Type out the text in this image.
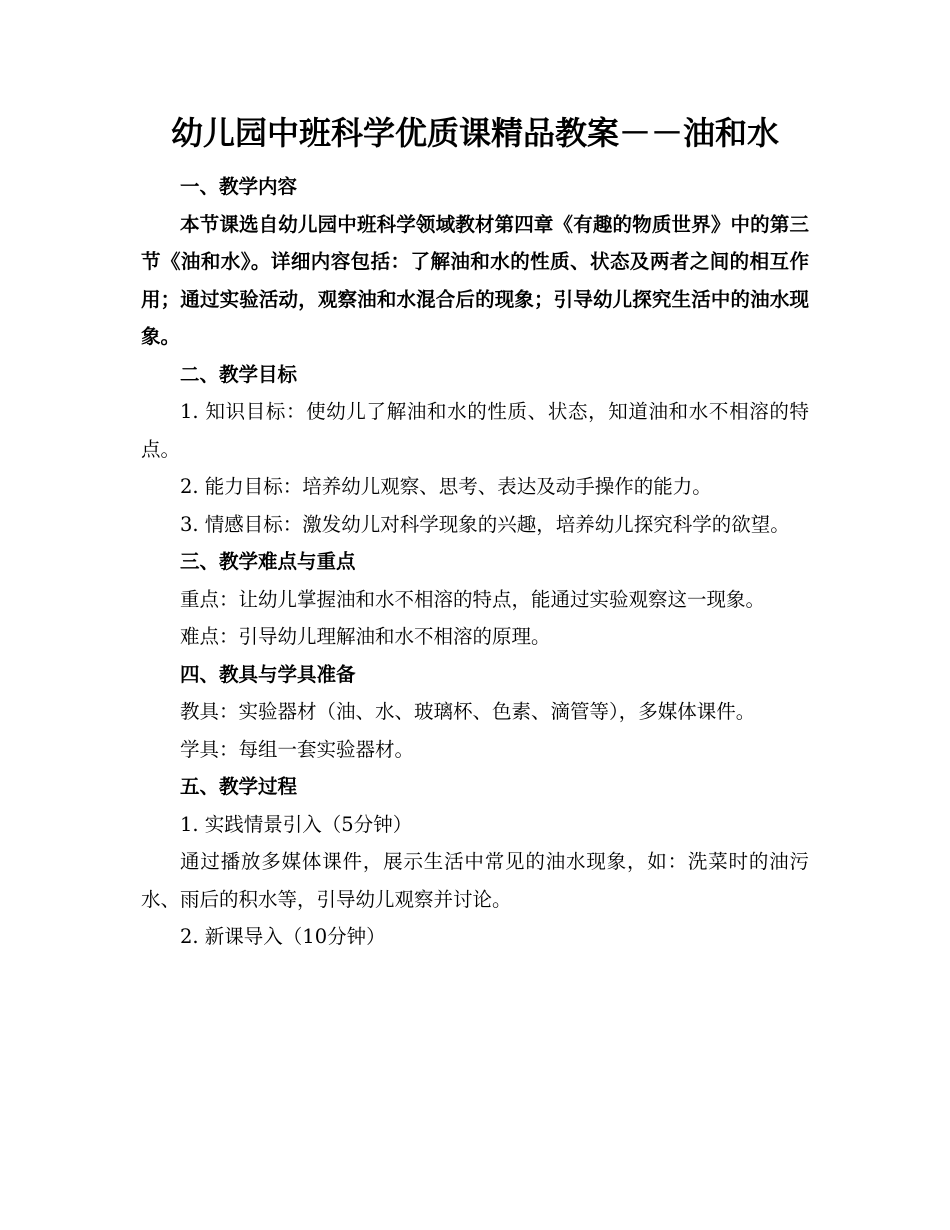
幼儿园中班科学优质课精品教案－－油和水

一、教学内容

本节课选自幼儿园中班科学领域教材第四章《有趣的物质世界》中的第三节《油和水》。详细内容包括：了解油和水的性质、状态及两者之间的相互作用；通过实验活动，观察油和水混合后的现象；引导幼儿探究生活中的油水现象。

二、教学目标

1. 知识目标：使幼儿了解油和水的性质、状态，知道油和水不相溶的特点。

2. 能力目标：培养幼儿观察、思考、表达及动手操作的能力。

3. 情感目标：激发幼儿对科学现象的兴趣，培养幼儿探究科学的欲望。

三、教学难点与重点

重点：让幼儿掌握油和水不相溶的特点，能通过实验观察这一现象。

难点：引导幼儿理解油和水不相溶的原理。

四、教具与学具准备

教具：实验器材（油、水、玻璃杯、色素、滴管等），多媒体课件。

学具：每组一套实验器材。

五、教学过程

1. 实践情景引入（5分钟）

通过播放多媒体课件，展示生活中常见的油水现象，如：洗菜时的油污水、雨后的积水等，引导幼儿观察并讨论。

2. 新课导入（10分钟）
